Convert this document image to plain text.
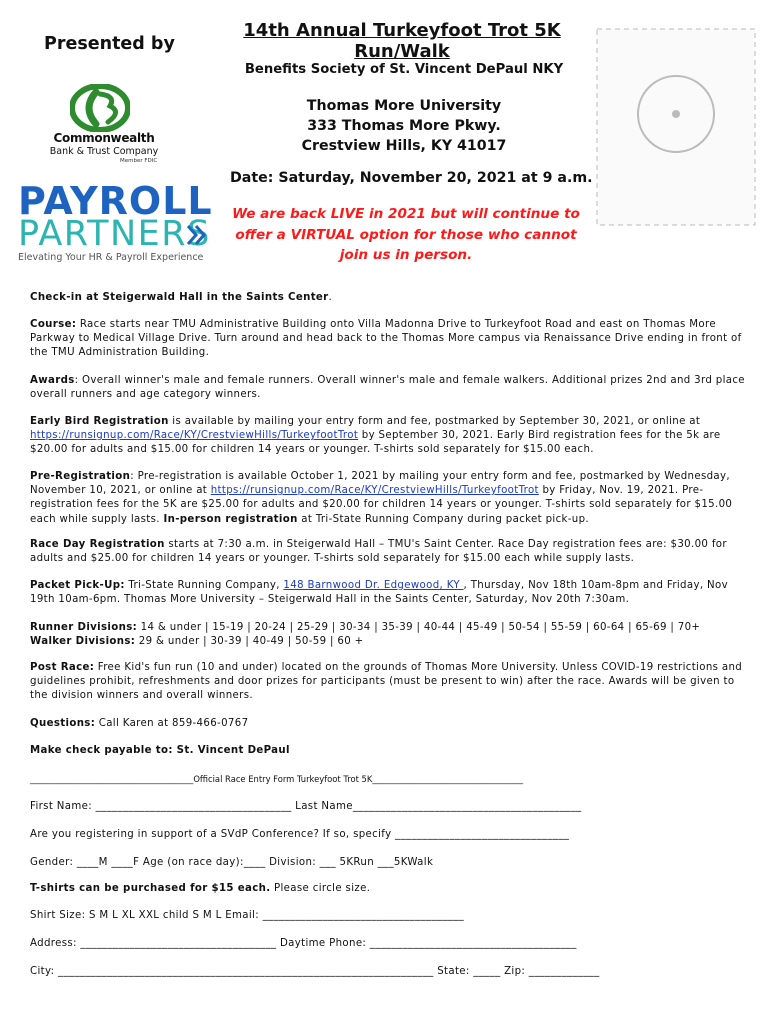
Presented by
Commonwealth
Bank & Trust Company
Member FDIC
PAYROLL
PARTNERS
Elevating Your HR & Payroll Experience
14th Annual Turkeyfoot Trot 5K Run/Walk
Benefits Society of St. Vincent DePaul NKY
Thomas More University
333 Thomas More Pkwy.
Crestview Hills, KY 41017
Date: Saturday, November 20, 2021 at 9 a.m.
We are back LIVE in 2021 but will continue to offer a VIRTUAL option for those who cannot join us in person.

Check-in at Steigerwald Hall in the Saints Center.

Course: Race starts near TMU Administrative Building onto Villa Madonna Drive to Turkeyfoot Road and east on Thomas More Parkway to Medical Village Drive. Turn around and head back to the Thomas More campus via Renaissance Drive ending in front of the TMU Administration Building.

Awards: Overall winner's male and female runners. Overall winner's male and female walkers. Additional prizes 2nd and 3rd place overall runners and age category winners.

Early Bird Registration is available by mailing your entry form and fee, postmarked by September 30, 2021, or online at https://runsignup.com/Race/KY/CrestviewHills/TurkeyfootTrot by September 30, 2021. Early Bird registration fees for the 5k are $20.00 for adults and $15.00 for children 14 years or younger. T-shirts sold separately for $15.00 each.

Pre-Registration: Pre-registration is available October 1, 2021 by mailing your entry form and fee, postmarked by Wednesday, November 10, 2021, or online at https://runsignup.com/Race/KY/CrestviewHills/TurkeyfootTrot by Friday, Nov. 19, 2021. Pre-registration fees for the 5K are $25.00 for adults and $20.00 for children 14 years or younger. T-shirts sold separately for $15.00 each while supply lasts. In-person registration at Tri-State Running Company during packet pick-up.

Race Day Registration starts at 7:30 a.m. in Steigerwald Hall – TMU's Saint Center. Race Day registration fees are: $30.00 for adults and $25.00 for children 14 years or younger. T-shirts sold separately for $15.00 each while supply lasts.

Packet Pick-Up: Tri-State Running Company, 148 Barnwood Dr. Edgewood, KY , Thursday, Nov 18th 10am-8pm and Friday, Nov 19th 10am-6pm. Thomas More University – Steigerwald Hall in the Saints Center, Saturday, Nov 20th 7:30am.

Runner Divisions: 14 & under | 15-19 | 20-24 | 25-29 | 30-34 | 35-39 | 40-44 | 45-49 | 50-54 | 55-59 | 60-64 | 65-69 | 70+

Walker Divisions: 29 & under | 30-39 | 40-49 | 50-59 | 60 +

Post Race: Free Kid's fun run (10 and under) located on the grounds of Thomas More University. Unless COVID-19 restrictions and guidelines prohibit, refreshments and door prizes for participants (must be present to win) after the race. Awards will be given to the division winners and overall winners.

Questions: Call Karen at 859-466-0767

Make check payable to: St. Vincent DePaul

_______________________________________Official Race Entry Form Turkeyfoot Trot 5K____________________________________
First Name: ____________________________________ Last Name__________________________________________
Are you registering in support of a SVdP Conference? If so, specify ________________________________
Gender: ____M ____F Age (on race day):____ Division: ___ 5KRun ___5KWalk

T-shirts can be purchased for $15 each. Please circle size.

Shirt Size: S M L XL XXL child S M L Email: _____________________________________
Address: ____________________________________ Daytime Phone: ______________________________________
City: _____________________________________________________________________ State: _____ Zip: _____________
